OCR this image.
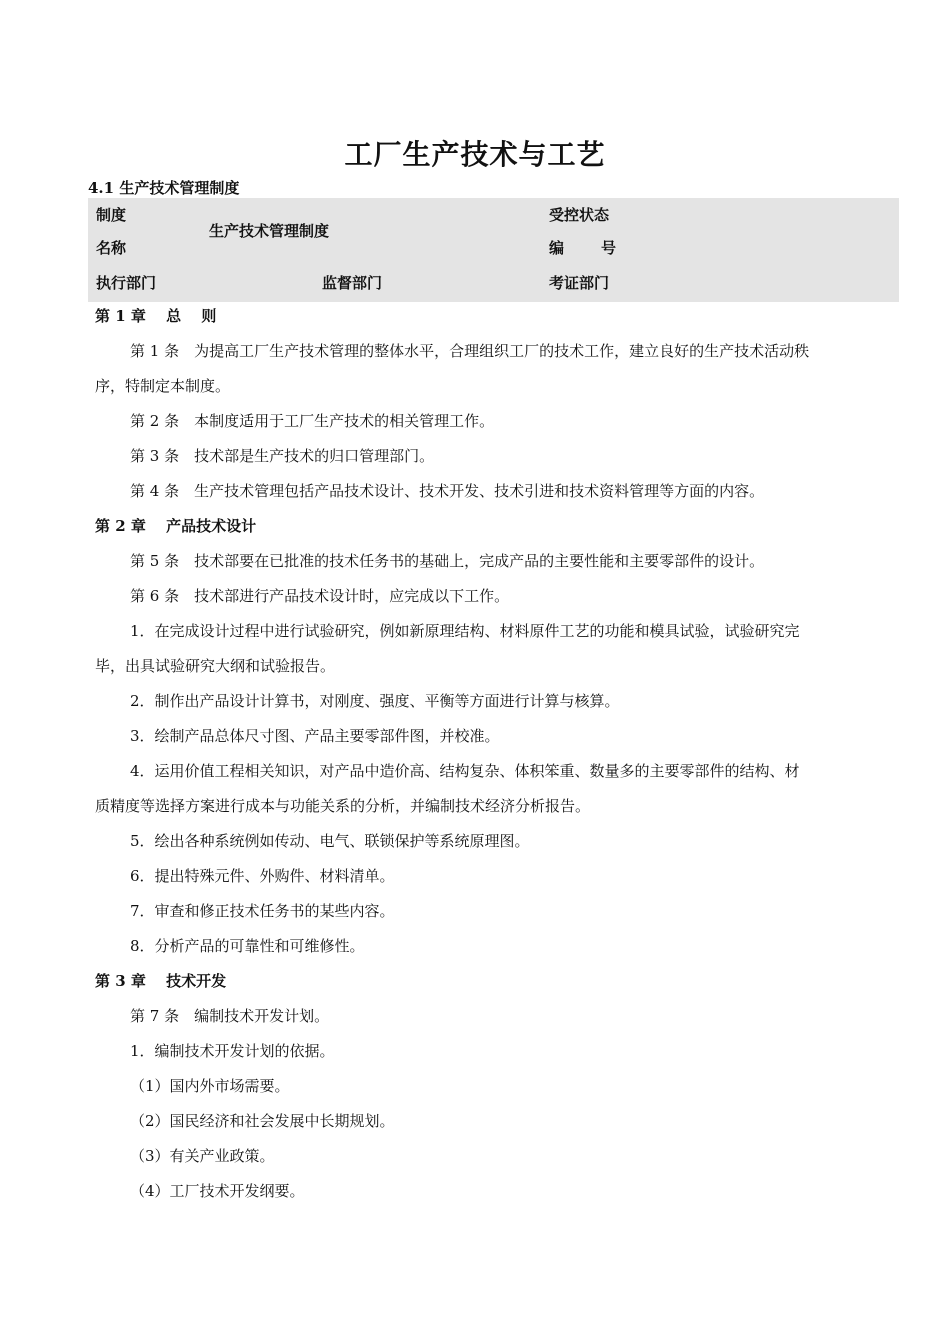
工厂生产技术与工艺
4.1 生产技术管理制度
制度
名称
生产技术管理制度
受控状态
编 号
执行部门	监督部门	考证部门
第 1 章　 总　 则
第 1 条　为提高工厂生产技术管理的整体水平，合理组织工厂的技术工作，建立良好的生产技术活动秩
序，特制定本制度。
第 2 条　本制度适用于工厂生产技术的相关管理工作。
第 3 条　技术部是生产技术的归口管理部门。
第 4 条　生产技术管理包括产品技术设计、技术开发、技术引进和技术资料管理等方面的内容。
第 2 章　 产品技术设计
第 5 条　技术部要在已批准的技术任务书的基础上，完成产品的主要性能和主要零部件的设计。
第 6 条　技术部进行产品技术设计时，应完成以下工作。
1．在完成设计过程中进行试验研究，例如新原理结构、材料原件工艺的功能和模具试验，试验研究完
毕，出具试验研究大纲和试验报告。
2．制作出产品设计计算书，对刚度、强度、平衡等方面进行计算与核算。
3．绘制产品总体尺寸图、产品主要零部件图，并校准。
4．运用价值工程相关知识，对产品中造价高、结构复杂、体积笨重、数量多的主要零部件的结构、材
质精度等选择方案进行成本与功能关系的分析，并编制技术经济分析报告。
5．绘出各种系统例如传动、电气、联锁保护等系统原理图。
6．提出特殊元件、外购件、材料清单。
7．审查和修正技术任务书的某些内容。
8．分析产品的可靠性和可维修性。
第 3 章　 技术开发
第 7 条　编制技术开发计划。
1．编制技术开发计划的依据。
（1）国内外市场需要。
（2）国民经济和社会发展中长期规划。
（3）有关产业政策。
（4）工厂技术开发纲要。
